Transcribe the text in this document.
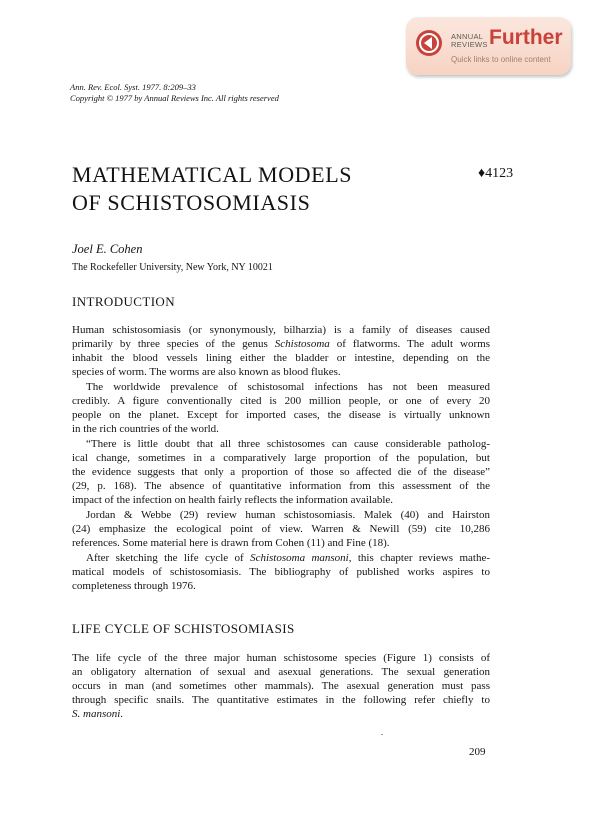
ANNUAL
REVIEWS Further
Quick links to online content
Ann. Rev. Ecol. Syst. 1977. 8:209–33
Copyright © 1977 by Annual Reviews Inc. All rights reserved
MATHEMATICAL MODELS
OF SCHISTOSOMIASIS
♦4123
Joel E. Cohen
The Rockefeller University, New York, NY 10021
INTRODUCTION
Human schistosomiasis (or synonymously, bilharzia) is a family of diseases caused
primarily by three species of the genus Schistosoma of flatworms. The adult worms
inhabit the blood vessels lining either the bladder or intestine, depending on the
species of worm. The worms are also known as blood flukes.
The worldwide prevalence of schistosomal infections has not been measured
credibly. A figure conventionally cited is 200 million people, or one of every 20
people on the planet. Except for imported cases, the disease is virtually unknown
in the rich countries of the world.
“There is little doubt that all three schistosomes can cause considerable patholog-
ical change, sometimes in a comparatively large proportion of the population, but
the evidence suggests that only a proportion of those so affected die of the disease”
(29, p. 168). The absence of quantitative information from this assessment of the
impact of the infection on health fairly reflects the information available.
Jordan & Webbe (29) review human schistosomiasis. Malek (40) and Hairston
(24) emphasize the ecological point of view. Warren & Newill (59) cite 10,286
references. Some material here is drawn from Cohen (11) and Fine (18).
After sketching the life cycle of Schistosoma mansoni, this chapter reviews mathe-
matical models of schistosomiasis. The bibliography of published works aspires to
completeness through 1976.
LIFE CYCLE OF SCHISTOSOMIASIS
The life cycle of the three major human schistosome species (Figure 1) consists of
an obligatory alternation of sexual and asexual generations. The sexual generation
occurs in man (and sometimes other mammals). The asexual generation must pass
through specific snails. The quantitative estimates in the following refer chiefly to
S. mansoni.
209
